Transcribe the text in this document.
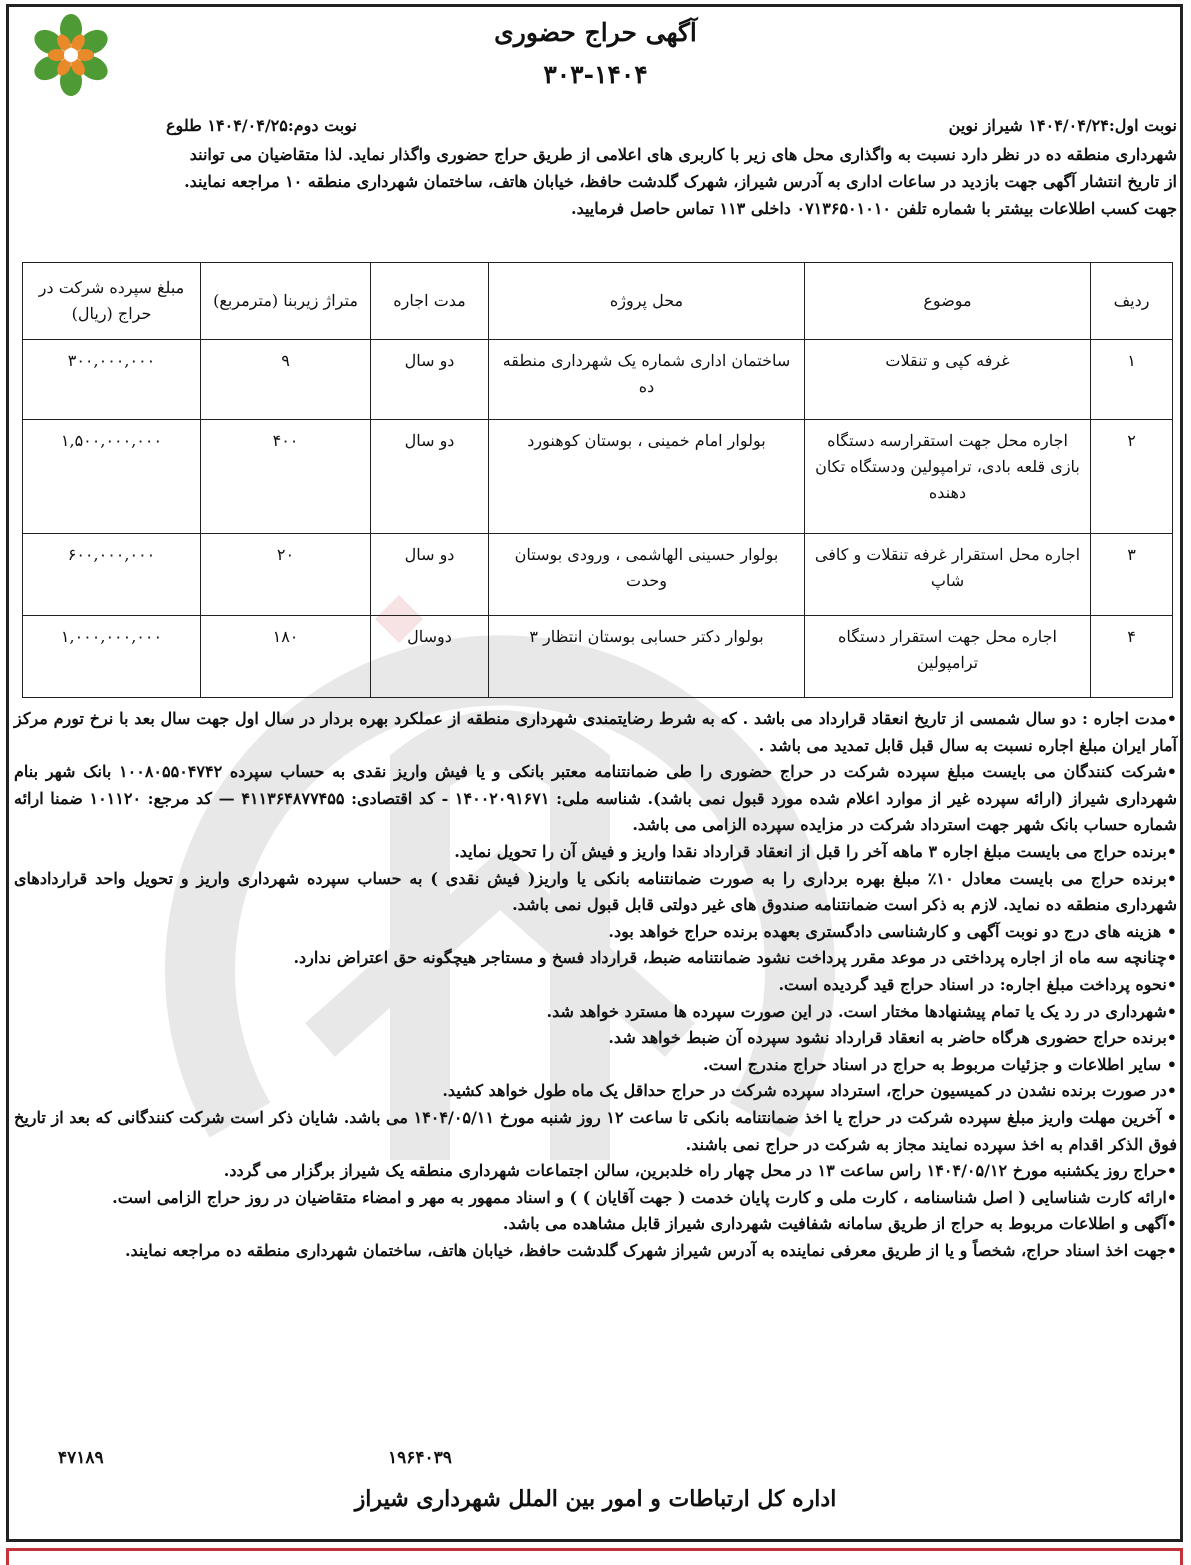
آگهی حراج حضوری
۳۰۳-۱۴۰۴
نوبت اول:۱۴۰۴/۰۴/۲۴ شیراز نوین
نوبت دوم:۱۴۰۴/۰۴/۲۵ طلوع

شهرداری منطقه ده در نظر دارد نسبت به واگذاری محل های زیر با کاربری های اعلامی از طریق حراج حضوری واگذار نماید. لذا متقاضیان می توانند

از تاریخ انتشار آگهی جهت بازدید در ساعات اداری به آدرس شیراز، شهرک گلدشت حافظ، خیابان هاتف، ساختمان شهرداری منطقه ۱۰ مراجعه نمایند.

جهت کسب اطلاعات بیشتر با شماره تلفن ۰۷۱۳۶۵۰۱۰۱۰ داخلی ۱۱۳ تماس حاصل فرمایید.

ردیف	موضوع	محل پروژه	مدت اجاره	متراژ زیربنا (مترمربع)	مبلغ سپرده شرکت در حراج (ریال)
۱	غرفه کپی و تنقلات	ساختمان اداری شماره یک شهرداری منطقه ده	دو سال	۹	۳۰۰,۰۰۰,۰۰۰
۲	اجاره محل جهت استقرارسه دستگاه بازی قلعه بادی، ترامپولین ودستگاه تکان دهنده	بولوار امام خمینی ، بوستان کوهنورد	دو سال	۴۰۰	۱,۵۰۰,۰۰۰,۰۰۰
۳	اجاره محل استقرار غرفه تنقلات و کافی شاپ	بولوار حسینی الهاشمی ، ورودی بوستان وحدت	دو سال	۲۰	۶۰۰,۰۰۰,۰۰۰
۴	اجاره محل جهت استقرار دستگاه ترامپولین	بولوار دکتر حسابی بوستان انتظار ۳	دوسال	۱۸۰	۱,۰۰۰,۰۰۰,۰۰۰

•مدت اجاره : دو سال شمسی از تاریخ انعقاد قرارداد می باشد . که به شرط رضایتمندی شهرداری منطقه از عملکرد بهره بردار در سال اول جهت سال بعد با نرخ تورم مرکز آمار ایران مبلغ اجاره نسبت به سال قبل قابل تمدید می باشد .

•شرکت کنندگان می بایست مبلغ سپرده شرکت در حراج حضوری را طی ضمانتنامه معتبر بانکی و یا فیش واریز نقدی به حساب سپرده ۱۰۰۸۰۵۵۰۴۷۴۲ بانک شهر بنام شهرداری شیراز (ارائه سپرده غیر از موارد اعلام شده مورد قبول نمی باشد). شناسه ملی: ۱۴۰۰۲۰۹۱۶۷۱ - کد اقتصادی: ۴۱۱۳۶۴۸۷۷۴۵۵ — کد مرجع: ۱۰۱۱۲۰ ضمنا ارائه شماره حساب بانک شهر جهت استرداد شرکت در مزایده سپرده الزامی می باشد.

•برنده حراج می بایست مبلغ اجاره ۳ ماهه آخر را قبل از انعقاد قرارداد نقدا واریز و فیش آن را تحویل نماید.

•برنده حراج می بایست معادل ۱۰٪ مبلغ بهره برداری را به صورت ضمانتنامه بانکی یا واریز( فیش نقدی ) به حساب سپرده شهرداری واریز و تحویل واحد قراردادهای شهرداری منطقه ده نماید. لازم به ذکر است ضمانتنامه صندوق های غیر دولتی قابل قبول نمی باشد.

• هزینه های درج دو نوبت آگهی و کارشناسی دادگستری بعهده برنده حراج خواهد بود.

•چنانچه سه ماه از اجاره پرداختی در موعد مقرر پرداخت نشود ضمانتنامه ضبط، قرارداد فسخ و مستاجر هیچگونه حق اعتراض ندارد.

•نحوه پرداخت مبلغ اجاره: در اسناد حراج قید گردیده است.

•شهرداری در رد یک یا تمام پیشنهادها مختار است. در این صورت سپرده ها مسترد خواهد شد.

•برنده حراج حضوری هرگاه حاضر به انعقاد قرارداد نشود سپرده آن ضبط خواهد شد.

• سایر اطلاعات و جزئیات مربوط به حراج در اسناد حراج مندرج است.

•در صورت برنده نشدن در کمیسیون حراج، استرداد سپرده شرکت در حراج حداقل یک ماه طول خواهد کشید.

• آخرین مهلت واریز مبلغ سپرده شرکت در حراج یا اخذ ضمانتنامه بانکی تا ساعت ۱۲ روز شنبه مورخ ۱۴۰۴/۰۵/۱۱ می باشد. شایان ذکر است شرکت کنندگانی که بعد از تاریخ فوق الذکر اقدام به اخذ سپرده نمایند مجاز به شرکت در حراج نمی باشند.

•حراج روز یکشنبه مورخ ۱۴۰۴/۰۵/۱۲ راس ساعت ۱۳ در محل چهار راه خلدبرین، سالن اجتماعات شهرداری منطقه یک شیراز برگزار می گردد.

•ارائه کارت شناسایی ( اصل شناسنامه ، کارت ملی و کارت پایان خدمت ( جهت آقایان ) ) و اسناد ممهور به مهر و امضاء متقاضیان در روز حراج الزامی است.

•آگهی و اطلاعات مربوط به حراج از طریق سامانه شفافیت شهرداری شیراز قابل مشاهده می باشد.

•جهت اخذ اسناد حراج، شخصاً و یا از طریق معرفی نماینده به آدرس شیراز شهرک گلدشت حافظ، خیابان هاتف، ساختمان شهرداری منطقه ده مراجعه نمایند.

۴۷۱۸۹	۱۹۶۴۰۳۹
اداره کل ارتباطات و امور بین الملل شهرداری شیراز
